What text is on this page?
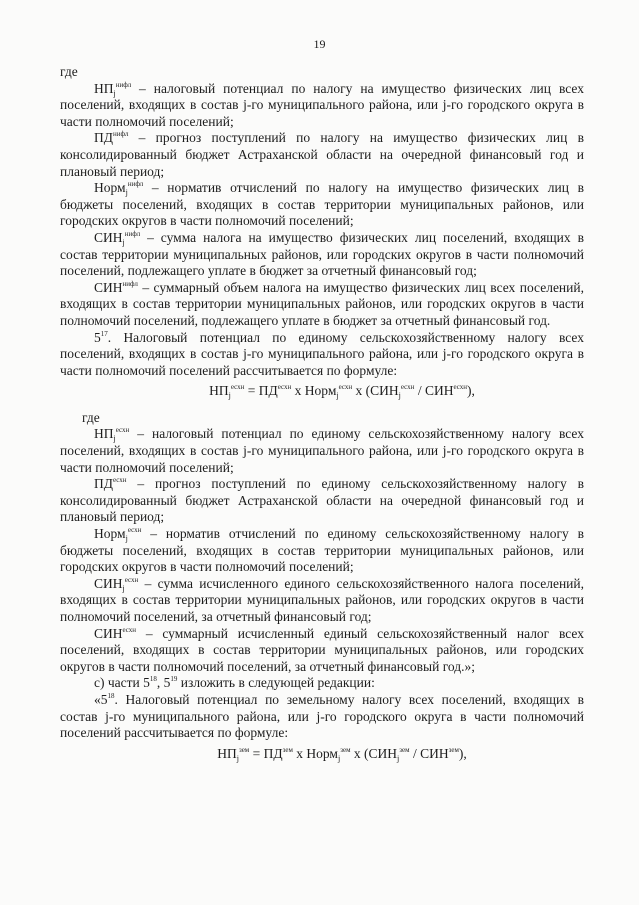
19

где

$НП_j^{нифл}$ – налоговый потенциал по налогу на имущество физических лиц всех поселений, входящих в состав j-го муниципального района, или j-го городского округа в части полномочий поселений;

$ПД^{нифл}$ – прогноз поступлений по налогу на имущество физических лиц в консолидированный бюджет Астраханской области на очередной финансовый год и плановый период;

Норм$_j^{нифл}$ – норматив отчислений по налогу на имущество физических лиц в бюджеты поселений, входящих в состав территории муниципальных районов, или городских округов в части полномочий поселений;

$СИН_j^{нифл}$ – сумма налога на имущество физических лиц поселений, входящих в состав территории муниципальных районов, или городских округов в части полномочий поселений, подлежащего уплате в бюджет за отчетный финансовый год;

$СИН^{нифл}$ – суммарный объем налога на имущество физических лиц всех поселений, входящих в состав территории муниципальных районов, или городских округов в части полномочий поселений, подлежащего уплате в бюджет за отчетный финансовый год.

$5^{17}$. Налоговый потенциал по единому сельскохозяйственному налогу всех поселений, входящих в состав j-го муниципального района, или j-го городского округа в части полномочий поселений рассчитывается по формуле:

$НП_j^{есхн} = ПД^{есхн}$ х Норм$_j^{есхн}$ х $(СИН_j^{есхн} / СИН^{есхн})$,

где

$НП_j^{есхн}$ – налоговый потенциал по единому сельскохозяйственному налогу всех поселений, входящих в состав j-го муниципального района, или j-го городского округа в части полномочий поселений;

$ПД^{есхн}$ – прогноз поступлений по единому сельскохозяйственному налогу в консолидированный бюджет Астраханской области на очередной финансовый год и плановый период;

Норм$_j^{есхн}$ – норматив отчислений по единому сельскохозяйственному налогу в бюджеты поселений, входящих в состав территории муниципальных районов, или городских округов в части полномочий поселений;

$СИН_j^{есхн}$ – сумма исчисленного единого сельскохозяйственного налога поселений, входящих в состав территории муниципальных районов, или городских округов в части полномочий поселений, за отчетный финансовый год;

$СИН^{есхн}$ – суммарный исчисленный единый сельскохозяйственный налог всех поселений, входящих в состав территории муниципальных районов, или городских округов в части полномочий поселений, за отчетный финансовый год.»;

с) части $5^{18}$, $5^{19}$ изложить в следующей редакции:

«$5^{18}$. Налоговый потенциал по земельному налогу всех поселений, входящих в состав j-го муниципального района, или j-го городского округа в части полномочий поселений рассчитывается по формуле:

$НП_j^{зем} = ПД^{зем}$ х Норм$_j^{зем}$ х $(СИН_j^{зем} / СИН^{зем})$,
